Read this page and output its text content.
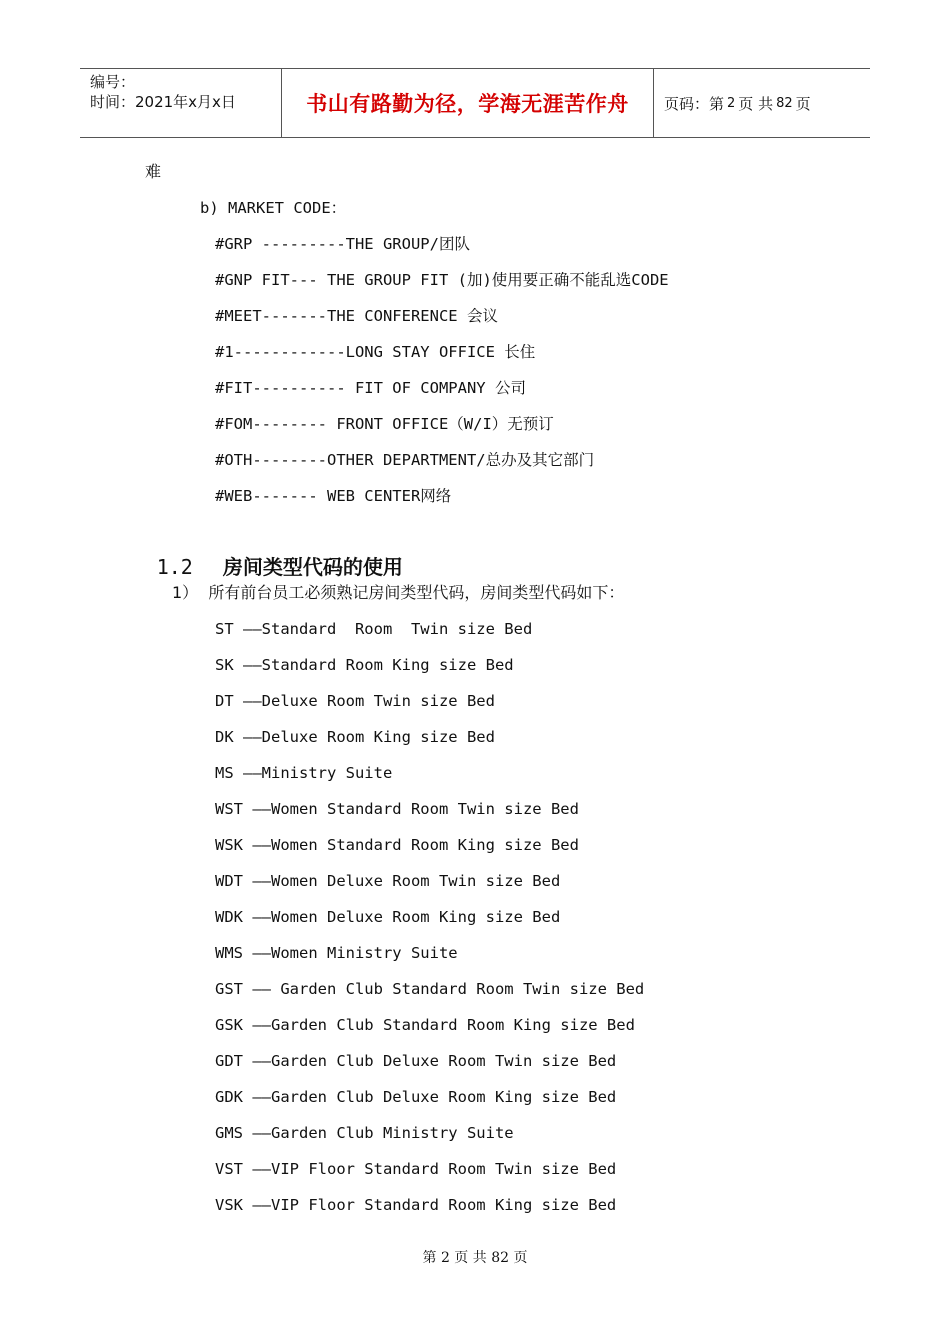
编号：
时间：2021年x月x日	书山有路勤为径，学海无涯苦作舟 页码：第 2 页 共 82 页
难
b) MARKET CODE：
#GRP ---------THE GROUP/团队
#GNP FIT--- THE GROUP FIT (加)使用要正确不能乱选CODE
#MEET-------THE CONFERENCE 会议
#1------------LONG STAY OFFICE 长住
#FIT---------- FIT OF COMPANY 公司
#FOM-------- FRONT OFFICE（W/I）无预订
#OTH--------OTHER DEPARTMENT/总办及其它部门
#WEB------- WEB CENTER网络

1.2 房间类型代码的使用

1）  所有前台员工必须熟记房间类型代码，房间类型代码如下：
ST ——Standard  Room  Twin size Bed
SK ——Standard Room King size Bed
DT ——Deluxe Room Twin size Bed
DK ——Deluxe Room King size Bed
MS ——Ministry Suite
WST ——Women Standard Room Twin size Bed
WSK ——Women Standard Room King size Bed
WDT ——Women Deluxe Room Twin size Bed
WDK ——Women Deluxe Room King size Bed
WMS ——Women Ministry Suite
GST —— Garden Club Standard Room Twin size Bed
GSK ——Garden Club Standard Room King size Bed
GDT ——Garden Club Deluxe Room Twin size Bed
GDK ——Garden Club Deluxe Room King size Bed
GMS ——Garden Club Ministry Suite
VST ——VIP Floor Standard Room Twin size Bed
VSK ——VIP Floor Standard Room King size Bed
第 2 页 共 82 页
